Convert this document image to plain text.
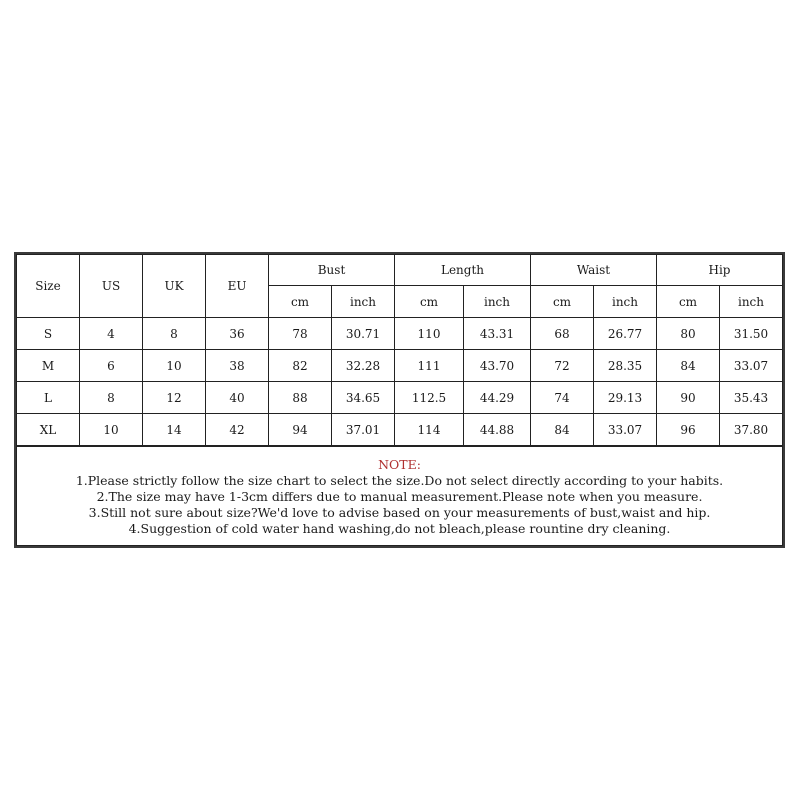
Size	US	UK	EU
Bust	Length	Waist	Hip
cm	inch	cm	inch	cm	inch	cm	inch
S	4	8	36	78	30.71	110	43.31	68	26.77	80	31.50
M	6	10	38	82	32.28	111	43.70	72	28.35	84	33.07
L	8	12	40	88	34.65	112.5	44.29	74	29.13	90	35.43
XL	10	14	42	94	37.01	114	44.88	84	33.07	96	37.80
NOTE:
1.Please strictly follow the size chart to select the size.Do not select directly according to your habits.
2.The size may have 1-3cm differs due to manual measurement.Please note when you measure.
3.Still not sure about size?We'd love to advise based on your measurements of bust,waist and hip.
4.Suggestion of cold water hand washing,do not bleach,please rountine dry cleaning.
